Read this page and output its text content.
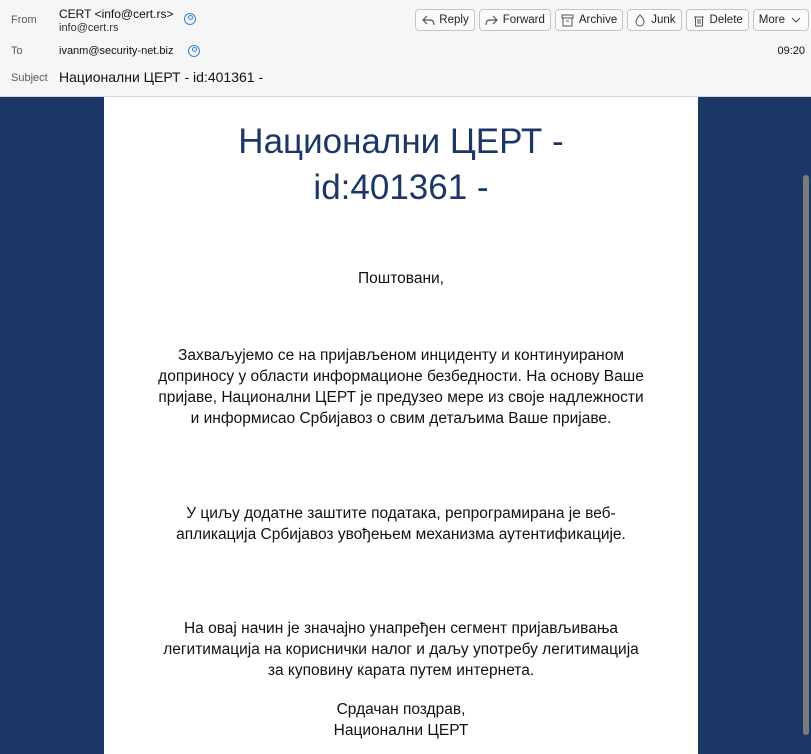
From CERT <info@cert.rs>
info@cert.rs
To	ivanm@security-net.biz	09:20
Subject Национални ЦЕРТ - id:401361 -
Reply	Forward	Archive	Junk	Delete More
Национални ЦЕРТ -
id:401361 -
Поштовани,
Захваљујемо се на пријављеном инциденту и континуираном доприносу у области информационе безбедности. На основу Ваше пријаве, Национални ЦЕРТ је предузео мере из своје надлежности и информисао Србијавоз о свим детаљима Ваше пријаве.
У циљу додатне заштите података, репрограмирана је веб-апликација Србијавоз увођењем механизма аутентификације.
На овај начин је значајно унапређен сегмент пријављивања легитимација на кориснички налог и даљу употребу легитимација за куповину карата путем интернета.
Срдачан поздрав,
Национални ЦЕРТ
